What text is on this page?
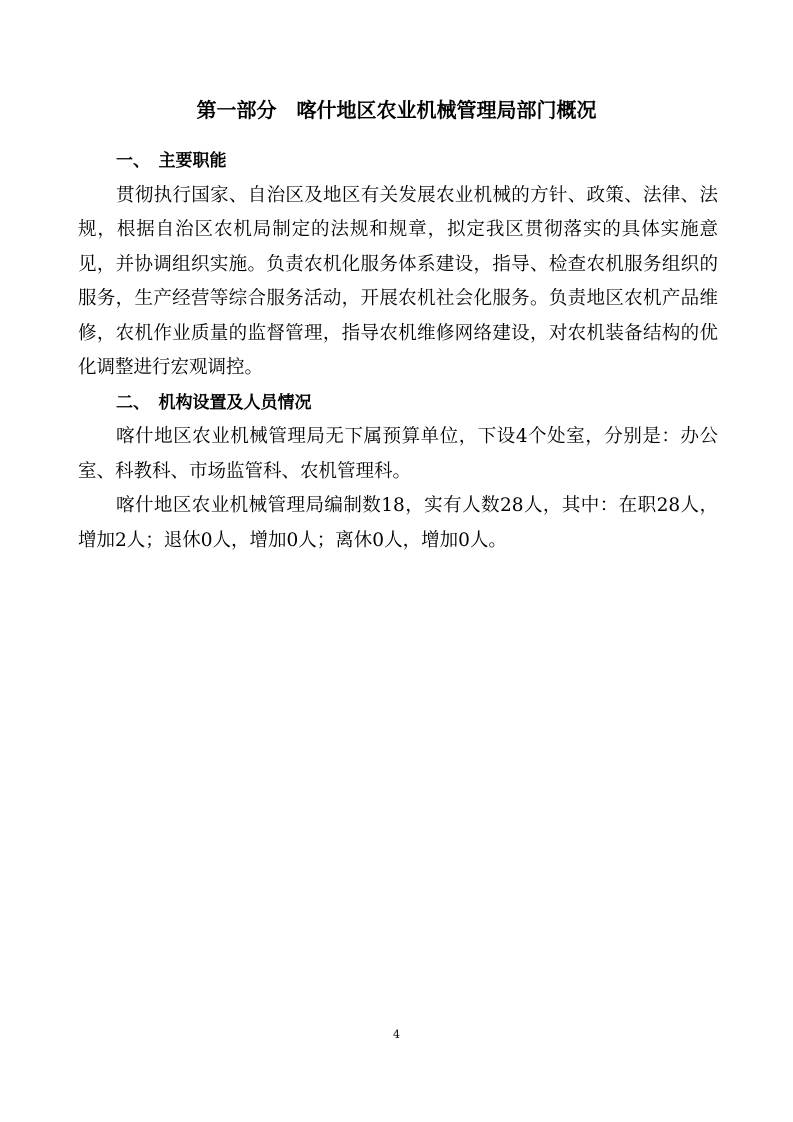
第一部分　喀什地区农业机械管理局部门概况
一、　主要职能

贯彻执行国家、自治区及地区有关发展农业机械的方针、政策、法律、法规，根据自治区农机局制定的法规和规章，拟定我区贯彻落实的具体实施意见，并协调组织实施。负责农机化服务体系建设，指导、检查农机服务组织的服务，生产经营等综合服务活动，开展农机社会化服务。负责地区农机产品维修，农机作业质量的监督管理，指导农机维修网络建设，对农机装备结构的优化调整进行宏观调控。

二、　机构设置及人员情况

喀什地区农业机械管理局无下属预算单位，下设4个处室，分别是：办公室、科教科、市场监管科、农机管理科。

喀什地区农业机械管理局编制数18，实有人数28人，其中：在职28人，增加2人；退休0人，增加0人；离休0人，增加0人。

4
